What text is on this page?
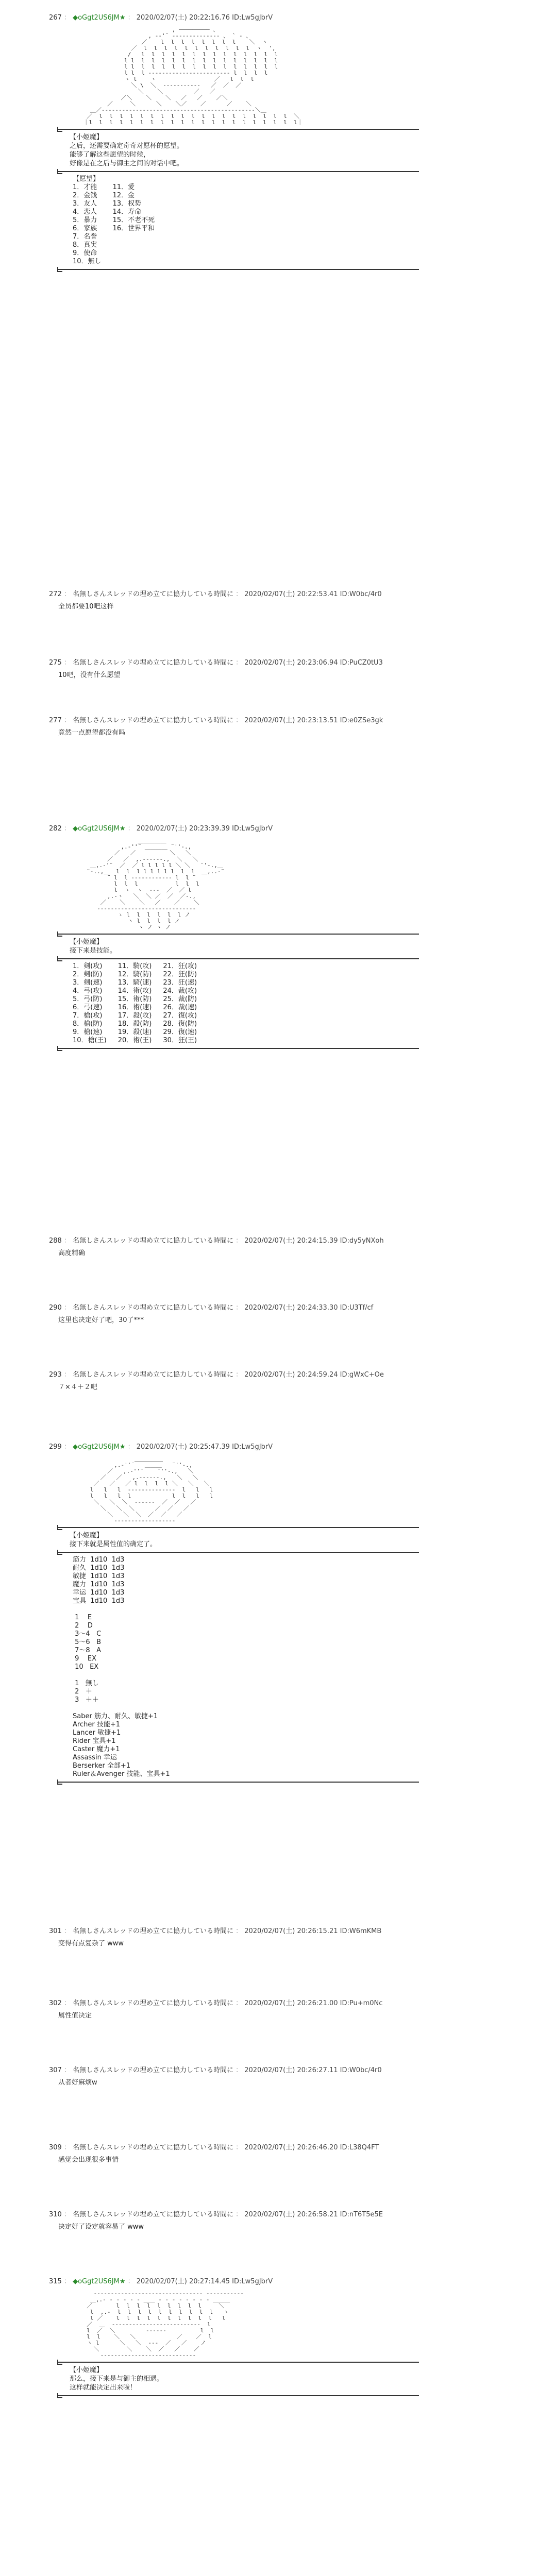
267 ： ◆oGgt2US6JM★ ： 2020/02/07(土) 20:22:16.76 ID:Lw5gJbrV
, ───────── 、
, -‐'¨ ‐‐‐‐‐‐‐‐‐‐‐‐‐‐ 、 ` ‐ 、
／    l  l  l  l  l  l  l  l    ＼  ヽ
／  l  l  l  l  l  l  l  l  l  l  l  ヽ  ',
/   l  l  l  l  l  l  l  l  l  l  l  l  l  l
l l  l  l  l  l  l  l  l  l  l  l  l  l  l  l
l l  l  l  l  l  l  l  l  l  l  l  l  l  l  l
l l  l ‐‐‐‐‐‐‐‐‐‐‐‐‐‐‐‐‐‐‐‐‐‐‐‐ l  l  l  l
ヽ l    ヽ                 ／   l  l  l
＼ \  ＼  ‐‐‐‐‐‐‐‐‐‐‐   ／  ／  ／
＼    ＼         ／   ／
／＼    ＼    ＼   ／   ／    ／＼
／     ＼      ＼    ＼／    ／      ／    ＼
＿／‐‐‐‐‐‐‐‐‐‐‐‐‐‐‐‐‐‐‐‐‐‐‐‐‐‐‐‐‐‐‐‐‐‐‐‐‐‐‐‐‐‐‐‐‐＼＿
／  l  l  l  l  l  l  l  l  l  l  l  l  l  l  l  l  l  l  l  ＼
｜l  l  l  l  l  l  l  l  l  l  l  l  l  l  l  l  l  l  l  l  l｜
【小姬魔】
之后，还需要确定奇奇对愿杯的愿望。
能够了解这些愿望的时候，
好像是在之后与御主之间的对话中吧。
【愿望】
1．才能
2．金钱
3．友人
4．恋人
5．暴力
6．家族
7．名誉
8．真実
9．使命
10．無し
11．愛
12．金
13．权势
14．寿命
15．不老不死
16．世界平和

272 ： 名無しさんスレッドの埋め立てに協力している時間に ： 2020/02/07(土) 20:22:53.41 ID:W0bc/4r0
全员都要10吧这样
275 ： 名無しさんスレッドの埋め立てに協力している時間に ： 2020/02/07(土) 20:23:06.94 ID:PuCZ0tU3
10吧，没有什么愿望
277 ： 名無しさんスレッドの埋め立てに協力している時間に ： 2020/02/07(土) 20:23:13.51 ID:e0ZSe3gk
竟然一点愿望都没有吗
282 ： ◆oGgt2US6JM★ ： 2020/02/07(土) 20:23:39.39 ID:Lw5gJbrV
＿＿＿＿＿
,.‐''¨ ＿＿＿＿ ¨''‐.,
／   ／          ＼   ＼
／   ／  ,.‐‐‐‐‐‐.,  ＼   ＼
＿,.‐'¨  ／  ／ l l l l l ＼ ＼   ¨'‐.,＿
¨‐..,＿  l  l  l l l l l l  l  l  ＿,..‐¨
¨ l  l ‐‐‐‐‐‐‐‐‐‐‐‐ l  l ¨
l  l  l           l  l  l
l  ヽ  ヽ  ‐‐‐  ／  ／ l
,.‐ヽ   ＼  ＼ ／  ／  ／‐.,
／    ＼    ＼   ／    ／    ＼
‐‐‐‐‐‐‐‐‐‐‐‐‐‐‐‐‐‐‐‐‐‐‐‐‐‐‐‐‐
ゝ l  l  l  l  l  l ノ
ヽ l  l  l  l ノ
ヽ ノ ヽ ノ
【小姬魔】
接下来是技能。
1．剣(攻)
2．剣(防)
3．剣(速)
4．弓(攻)
5．弓(防)
6．弓(速)
7．槍(攻)
8．槍(防)
9．槍(速)
10．槍(王)
11．騎(攻)
12．騎(防)
13．騎(速)
14．術(攻)
15．術(防)
16．術(速)
17．殺(攻)
18．殺(防)
19．殺(速)
20．術(王)
21．狂(攻)
22．狂(防)
23．狂(速)
24．裁(攻)
25．裁(防)
26．裁(速)
27．復(攻)
28．復(防)
29．復(速)
30．狂(王)
288 ： 名無しさんスレッドの埋め立てに協力している時間に ： 2020/02/07(土) 20:24:15.39 ID:dy5yNXoh
高度精确
290 ： 名無しさんスレッドの埋め立てに協力している時間に ： 2020/02/07(土) 20:24:33.30 ID:U3Tf/cf
这里也决定好了吧，30了***
293 ： 名無しさんスレッドの埋め立てに協力している時間に ： 2020/02/07(土) 20:24:59.24 ID:gWxC+Oe
７×４＋２吧
299 ： ◆oGgt2US6JM★ ： 2020/02/07(土) 20:25:47.39 ID:Lw5gJbrV
＿＿＿＿＿
,.‐''¨   ＿＿＿   ¨''‐.,
／   ,.‐''¨    ¨''‐.,   ＼
／   ／   ,.‐‐‐‐‐‐.,   ＼   ＼
／   ／   ／ l  l  l  l ＼   ＼   ＼
l   l   l  ‐‐‐‐‐‐‐‐‐‐‐‐‐‐  l   l   l
l   l   l  l            l  l   l   l
＼   ＼  ＼  ‐‐‐‐‐‐  ／  ／   ／
＼   ＼  ＼      ／  ／   ／
＼   ＼  ＼  ／  ／   ／
‐‐‐‐‐‐‐‐‐‐‐‐‐‐‐‐‐‐
【小姬魔】
接下来就是属性值的确定了。
筋力  1d10  1d3
耐久  1d10  1d3
敏捷  1d10  1d3
魔力  1d10  1d3
幸运  1d10  1d3
宝具  1d10  1d3

1    E
2    D
3〜4   C
5〜6   B
7〜8   A
9    EX
10   EX

1   無し
2   ＋
3   ＋＋

Saber 筋力、耐久、敏捷+1
Archer 技能+1
Lancer 敏捷+1
Rider 宝具+1
Caster 魔力+1
Assassin 幸运
Berserker 全部+1
Ruler＆Avenger 技能、宝具+1
301 ： 名無しさんスレッドの埋め立てに協力している時間に ： 2020/02/07(土) 20:26:15.21 ID:W6mKMB
变得有点复杂了 www
302 ： 名無しさんスレッドの埋め立てに協力している時間に ： 2020/02/07(土) 20:26:21.00 ID:Pu+m0Nc
属性值决定
307 ： 名無しさんスレッドの埋め立てに協力している時間に ： 2020/02/07(土) 20:26:27.11 ID:W0bc/4r0
从者好麻烦w
309 ： 名無しさんスレッドの埋め立てに協力している時間に ： 2020/02/07(土) 20:26:46.20 ID:L38Q4FT
感觉会出现很多事情
310 ： 名無しさんスレッドの埋め立てに協力している時間に ： 2020/02/07(土) 20:26:58.21 ID:nT6T5e5E
决定好了设定就容易了 www
315 ： ◆oGgt2US6JM★ ： 2020/02/07(土) 20:27:14.45 ID:Lw5gJbrV
‐‐‐‐‐‐‐‐‐‐‐‐‐‐‐‐‐‐‐‐‐‐‐‐‐‐‐‐‐‐‐‐ ‐‐‐‐‐‐‐‐‐‐‐
＿,.‐ ‐ ‐ ‐ ‐ ‐ ＿＿ ‐ ‐ ‐ ‐ ‐ ‐ ‐ ‐ ＿＿＿
／       l  l  l  l  l  l  l  l  l     ＼
l  ,.‐  l  l  l  l  l  l  l  l  l  l   ヽ
l ／    l  l  l  l  l  l  l  l  l  l   l
／  ＿  ‐‐‐‐‐‐‐‐‐‐‐‐‐‐‐‐‐‐‐‐‐‐‐‐‐‐  l
l  ／  ＼         ‐‐‐‐‐‐          l  l
l  l    ＼   ＼            ／    ／  l
ヽ l      ＼   ＼  ‐‐‐  ／   ／    ノ
＼        ＼    ＼  ／   ／    ／
‐‐‐‐‐‐‐‐‐‐‐‐‐‐‐‐‐‐‐‐‐‐‐‐‐‐‐‐
【小姬魔】
那么，接下来是与御主的相遇。
这样就能决定出来啦！
